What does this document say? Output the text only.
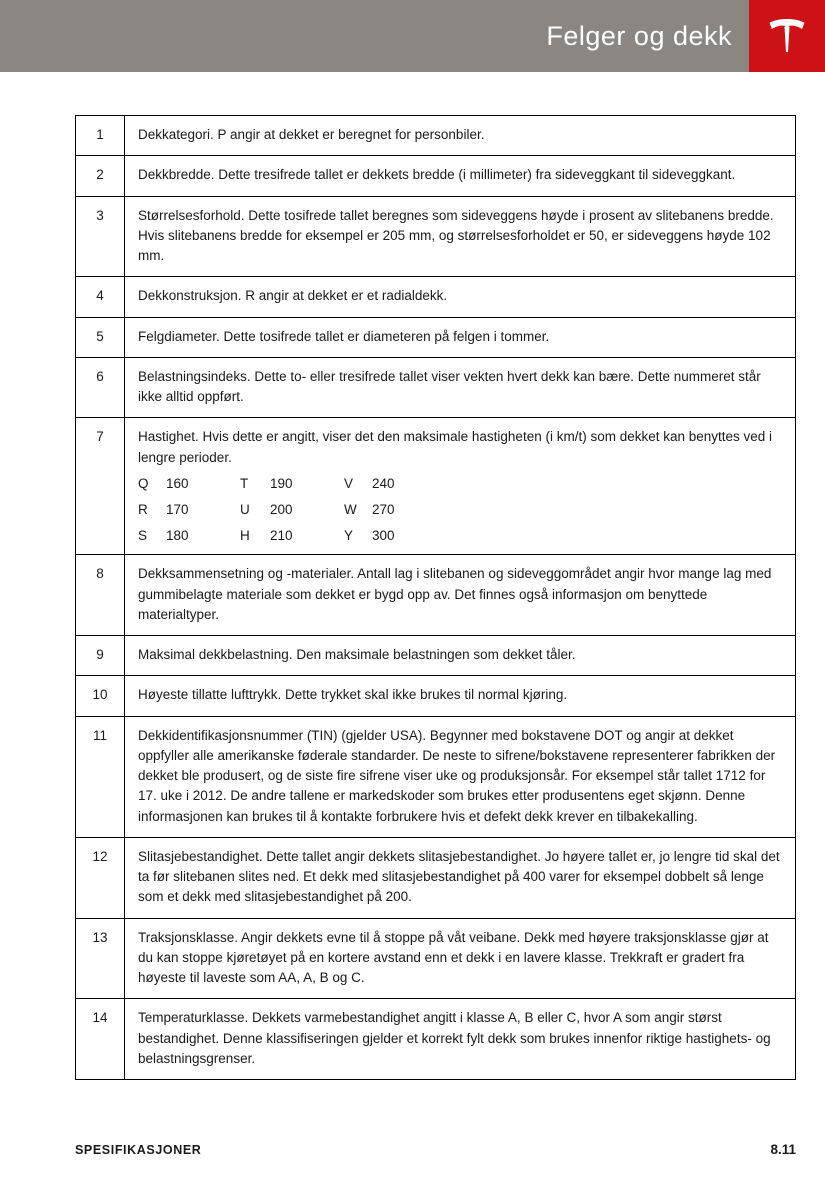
Felger og dekk
1	Dekkategori. P angir at dekket er beregnet for personbiler.
2	Dekkbredde. Dette tresifrede tallet er dekkets bredde (i millimeter) fra sideveggkant til sideveggkant.
3	Størrelsesforhold. Dette tosifrede tallet beregnes som sideveggens høyde i prosent av slitebanens bredde. Hvis slitebanens bredde for eksempel er 205 mm, og størrelsesforholdet er 50, er sideveggens høyde 102 mm.
4	Dekkonstruksjon. R angir at dekket er et radialdekk.
5	Felgdiameter. Dette tosifrede tallet er diameteren på felgen i tommer.
6	Belastningsindeks. Dette to- eller tresifrede tallet viser vekten hvert dekk kan bære. Dette nummeret står ikke alltid oppført.
7	Hastighet. Hvis dette er angitt, viser det den maksimale hastigheten (i km/t) som dekket kan benyttes ved i lengre perioder.
Q	160	T	190	V	240
R	170	U	200	W	270
S	180	H	210	Y	300
8	Dekksammensetning og -materialer. Antall lag i slitebanen og sideveggområdet angir hvor mange lag med gummibelagte materiale som dekket er bygd opp av. Det finnes også informasjon om benyttede materialtyper.
9	Maksimal dekkbelastning. Den maksimale belastningen som dekket tåler.
10	Høyeste tillatte lufttrykk. Dette trykket skal ikke brukes til normal kjøring.
11	Dekkidentifikasjonsnummer (TIN) (gjelder USA). Begynner med bokstavene DOT og angir at dekket oppfyller alle amerikanske føderale standarder. De neste to sifrene/bokstavene representerer fabrikken der dekket ble produsert, og de siste fire sifrene viser uke og produksjonsår. For eksempel står tallet 1712 for 17. uke i 2012. De andre tallene er markedskoder som brukes etter produsentens eget skjønn. Denne informasjonen kan brukes til å kontakte forbrukere hvis et defekt dekk krever en tilbakekalling.
12	Slitasjebestandighet. Dette tallet angir dekkets slitasjebestandighet. Jo høyere tallet er, jo lengre tid skal det ta før slitebanen slites ned. Et dekk med slitasjebestandighet på 400 varer for eksempel dobbelt så lenge som et dekk med slitasjebestandighet på 200.
13	Traksjonsklasse. Angir dekkets evne til å stoppe på våt veibane. Dekk med høyere traksjonsklasse gjør at du kan stoppe kjøretøyet på en kortere avstand enn et dekk i en lavere klasse. Trekkraft er gradert fra høyeste til laveste som AA, A, B og C.
14	Temperaturklasse. Dekkets varmebestandighet angitt i klasse A, B eller C, hvor A som angir størst bestandighet. Denne klassifiseringen gjelder et korrekt fylt dekk som brukes innenfor riktige hastighets- og belastningsgrenser.
SPESIFIKASJONER	8.11
